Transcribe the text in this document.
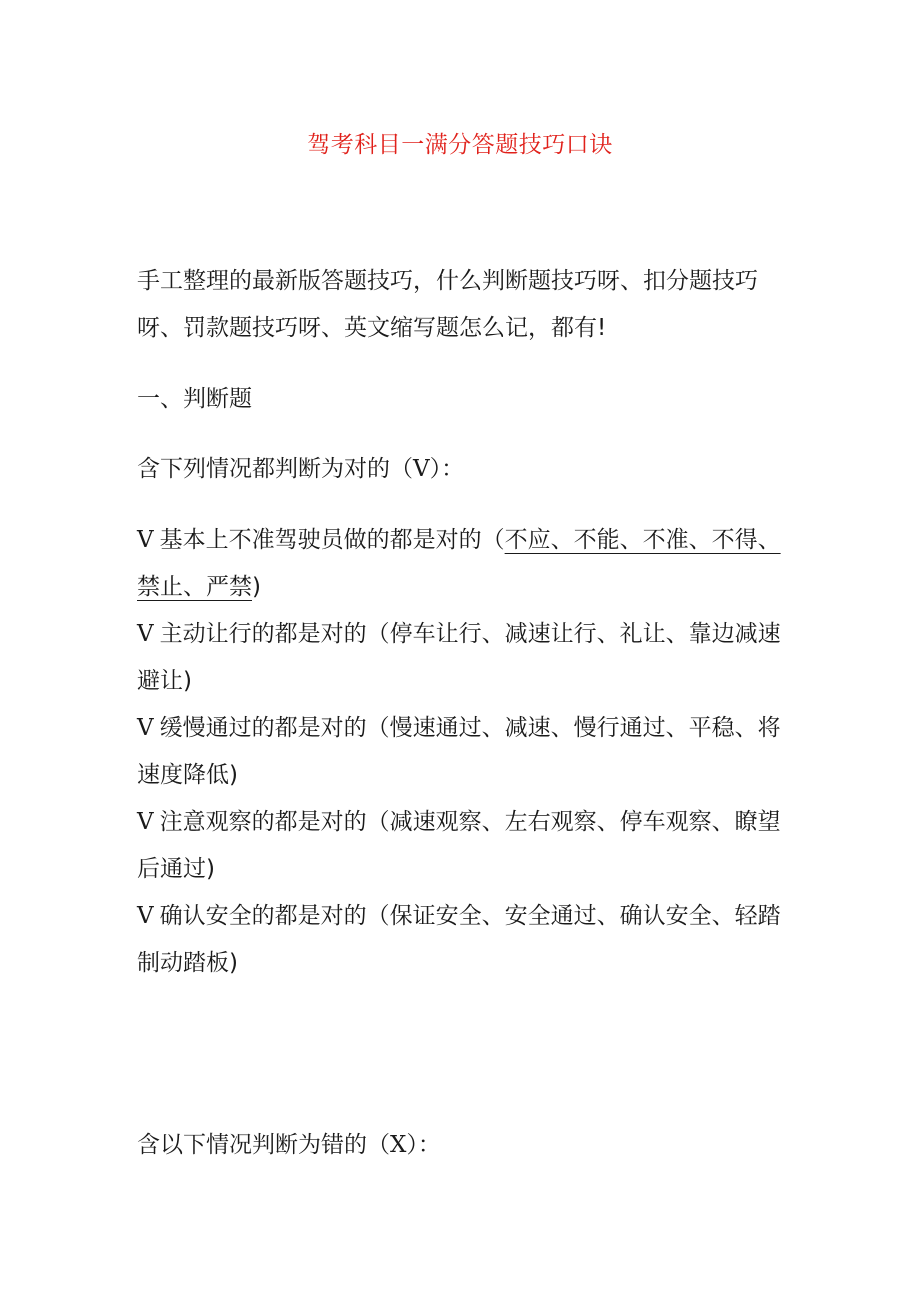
驾考科目一满分答题技巧口诀
手工整理的最新版答题技巧，什么判断题技巧呀、扣分题技巧呀、罚款题技巧呀、英文缩写题怎么记，都有!
一、判断题
含下列情况都判断为对的（V）：

V 基本上不准驾驶员做的都是对的（不应、不能、不准、不得、禁止、严禁)

V 主动让行的都是对的（停车让行、减速让行、礼让、靠边减速避让)

V 缓慢通过的都是对的（慢速通过、减速、慢行通过、平稳、将速度降低)

V 注意观察的都是对的（减速观察、左右观察、停车观察、瞭望后通过)

V 确认安全的都是对的（保证安全、安全通过、确认安全、轻踏制动踏板)

含以下情况判断为错的（X）：
